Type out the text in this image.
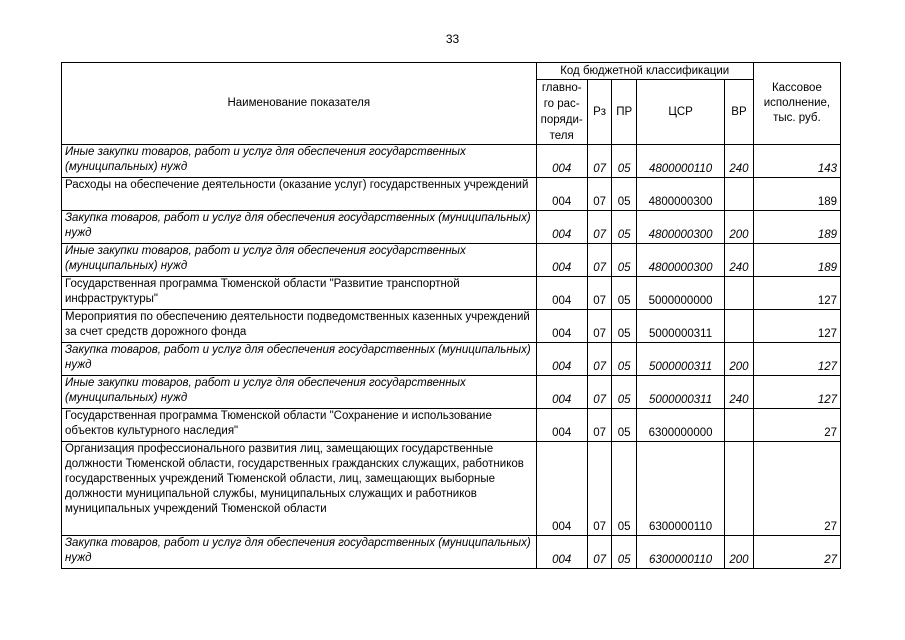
33
Наименование показателя	Код бюджетной классификации					Кассовое исполнение, тыс. руб.
	главно-го рас-поряди-теля	Рз	ПР	ЦСР	ВР	
Иные закупки товаров, работ и услуг для обеспечения государственных (муниципальных) нужд	004	07	05	4800000110	240	143
Расходы на обеспечение деятельности (оказание услуг) государственных учреждений	004	07	05	4800000300		189
Закупка товаров, работ и услуг для обеспечения государственных (муниципальных) нужд	004	07	05	4800000300	200	189
Иные закупки товаров, работ и услуг для обеспечения государственных (муниципальных) нужд	004	07	05	4800000300	240	189
Государственная программа Тюменской области "Развитие транспортной инфраструктуры"	004	07	05	5000000000		127
Мероприятия по обеспечению деятельности подведомственных казенных учреждений за счет средств дорожного фонда	004	07	05	5000000311		127
Закупка товаров, работ и услуг для обеспечения государственных (муниципальных) нужд	004	07	05	5000000311	200	127
Иные закупки товаров, работ и услуг для обеспечения государственных (муниципальных) нужд	004	07	05	5000000311	240	127
Государственная программа Тюменской области "Сохранение и использование объектов культурного наследия"	004	07	05	6300000000		27
Организация профессионального развития лиц, замещающих государственные должности Тюменской области, государственных гражданских служащих, работников государственных учреждений Тюменской области, лиц, замещающих выборные должности муниципальной службы, муниципальных служащих и работников муниципальных учреждений Тюменской области	004	07	05	6300000110		27
Закупка товаров, работ и услуг для обеспечения государственных (муниципальных) нужд	004	07	05	6300000110	200	27
